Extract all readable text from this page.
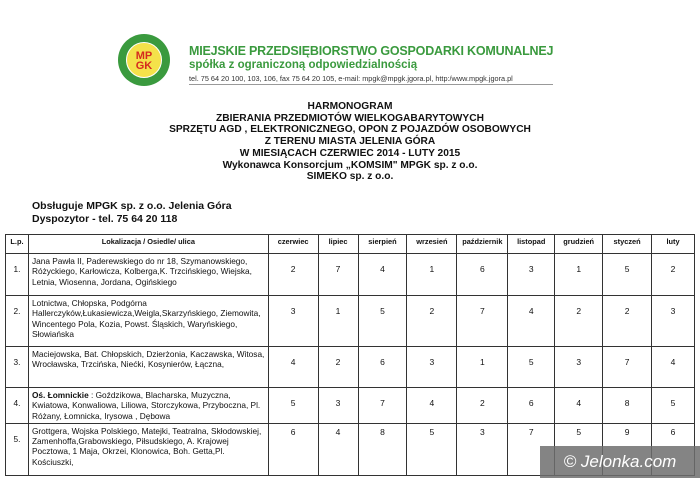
MP
GK
MIEJSKIE PRZEDSIĘBIORSTWO GOSPODARKI KOMUNALNEJ
spółka z ograniczoną odpowiedzialnością
tel. 75 64 20 100, 103, 106, fax 75 64 20 105, e-mail: mpgk@mpgk.jgora.pl, http:/www.mpgk.jgora.pl
HARMONOGRAM
ZBIERANIA PRZEDMIOTÓW WIELKOGABARYTOWYCH
SPRZĘTU AGD , ELEKTRONICZNEGO, OPON Z POJAZDÓW OSOBOWYCH
Z TERENU MIASTA JELENIA GÓRA
W MIESIĄCACH CZERWIEC 2014 - LUTY 2015
Wykonawca Konsorcjum „KOMSIM" MPGK sp. z o.o.
SIMEKO sp. z o.o.
Obsługuje MPGK sp. z o.o. Jelenia Góra
Dyspozytor - tel. 75 64 20 118
L.p.	Lokalizacja / Osiedle/ ulica	czerwiec	lipiec	sierpień	wrzesień	październik	listopad	grudzień	styczeń	luty
1.	Jana Pawła II, Paderewskiego do nr 18, Szymanowskiego, Różyckiego, Karłowicza, Kolberga,K. Trzcińskiego, Wiejska, Letnia, Wiosenna, Jordana, Ogińskiego	2	7	4	1	6	3	1	5	2
2.	Lotnictwa, Chłopska, Podgórna Hallerczyków,Łukasiewicza,Weigla,Skarzyńskiego, Ziemowita, Wincentego Pola, Kozia, Powst. Śląskich, Waryńskiego, Słowiańska	3	1	5	2	7	4	2	2	3
3.	Maciejowska, Bat. Chłopskich, Dzierżonia, Kaczawska, Witosa, Wrocławska, Trzcińska, Niećki, Kosynierów, Łączna,	4	2	6	3	1	5	3	7	4
4.	Oś. Łomnickie : Goździkowa, Blacharska, Muzyczna, Kwiatowa, Konwaliowa, Liliowa, Storczykowa, Przyboczna, Pl. Różany, Łomnicka, Irysowa , Dębowa	5	3	7	4	2	6	4	8	5
5.	Grottgera, Wojska Polskiego, Matejki, Teatralna, Skłodowskiej, Zamenhoffa,Grabowskiego, Piłsudskiego, A. Krajowej Pocztowa, 1 Maja, Okrzei, Klonowica, Boh. Getta,Pl. Kościuszki,	6	4	8	5	3	7	5	9	6
© Jelonka.com
